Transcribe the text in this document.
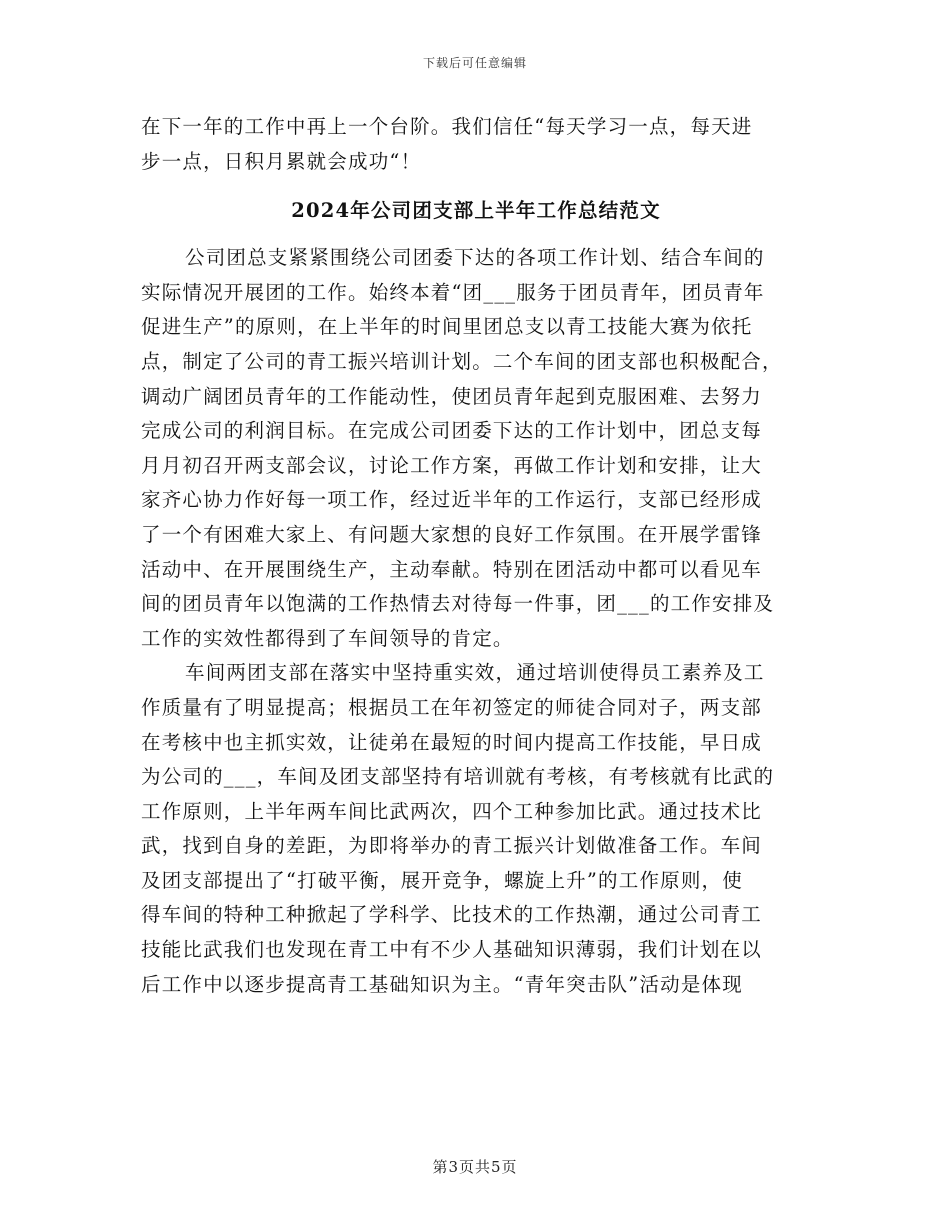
下载后可任意编辑
在下一年的工作中再上一个台阶。我们信任“每天学习一点，每天进
步一点，日积月累就会成功“！
2024年公司团支部上半年工作总结范文
公司团总支紧紧围绕公司团委下达的各项工作计划、结合车间的
实际情况开展团的工作。始终本着“团___服务于团员青年，团员青年
促进生产”的原则，在上半年的时间里团总支以青工技能大赛为依托
点，制定了公司的青工振兴培训计划。二个车间的团支部也积极配合，
调动广阔团员青年的工作能动性，使团员青年起到克服困难、去努力
完成公司的利润目标。在完成公司团委下达的工作计划中，团总支每
月月初召开两支部会议，讨论工作方案，再做工作计划和安排，让大
家齐心协力作好每一项工作，经过近半年的工作运行，支部已经形成
了一个有困难大家上、有问题大家想的良好工作氛围。在开展学雷锋
活动中、在开展围绕生产，主动奉献。特别在团活动中都可以看见车
间的团员青年以饱满的工作热情去对待每一件事，团___的工作安排及
工作的实效性都得到了车间领导的肯定。
车间两团支部在落实中坚持重实效，通过培训使得员工素养及工
作质量有了明显提高；根据员工在年初签定的师徒合同对子，两支部
在考核中也主抓实效，让徒弟在最短的时间内提高工作技能，早日成
为公司的___，车间及团支部坚持有培训就有考核，有考核就有比武的
工作原则，上半年两车间比武两次，四个工种参加比武。通过技术比
武，找到自身的差距，为即将举办的青工振兴计划做准备工作。车间
及团支部提出了“打破平衡，展开竞争，螺旋上升”的工作原则，使
得车间的特种工种掀起了学科学、比技术的工作热潮，通过公司青工
技能比武我们也发现在青工中有不少人基础知识薄弱，我们计划在以
后工作中以逐步提高青工基础知识为主。“青年突击队”活动是体现
第3页共5页
